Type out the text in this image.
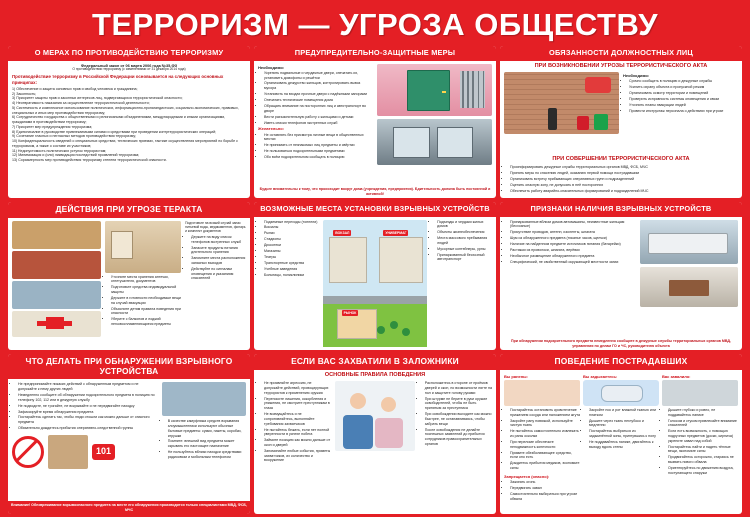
ТЕРРОРИЗМ — УГРОЗА ОБЩЕСТВУ
О МЕРАХ ПО ПРОТИВОДЕЙСТВИЮ ТЕРРОРИЗМУ
Федеральный закон от 06 марта 2006 года №35-ФЗ
О противодействии терроризму (с изменениями от 31 декабря 2014 года)
Противодействие терроризму в Российской Федерации основывается на следующих основных принципах:
1) Обеспечение и защита основных прав и свобод человека и гражданина;
2) Законность;
3) Приоритет защиты прав и законных интересов лиц, подвергающихся террористической опасности;
4) Неотвратимость наказания за осуществление террористической деятельности;
5) Системность и комплексное использование политических, информационно-пропагандистских, социально-экономических, правовых, специальных и иных мер противодействия терроризму;
6) Сотрудничество государства с общественными и религиозными объединениями, международными и иными организациями, гражданами в противодействии терроризму;
7) Приоритет мер предупреждения терроризма;
8) Единоначалие в руководстве привлекаемыми силами и средствами при проведении контртеррористических операций;
9) Сочетание гласных и негласных методов противодействия терроризму;
10) Конфиденциальность сведений о специальных средствах, технических приемах, тактике осуществления мероприятий по борьбе с терроризмом, а также о составе их участников;
11) Недопустимость политических уступок террористам;
12) Минимизация и (или) ликвидация последствий проявлений терроризма;
13) Соразмерность мер противодействия терроризму степени террористической опасности.
ПРЕДУПРЕДИТЕЛЬНО-ЗАЩИТНЫЕ МЕРЫ
Необходимо:
• Укрепить подвальные и чердачные двери, опечатать их, установить домофоны и решётки
• Организовать дежурство жильцов, контролировать вывоз мусора
• Установить на входах прочные двери с надёжными запорами
• Опечатать технические помещения дома
• Обращать внимание на посторонних лиц и автотранспорт во дворе
• Вести разъяснительную работу с жильцами и детьми
• Иметь списки телефонов экстренных служб
Желательно:
• Не оставлять без присмотра личные вещи в общественных местах
• Не принимать от незнакомых лиц предметы и свёртки
• Не пользоваться подозрительными предметами
• Обо всём подозрительном сообщать в полицию
Будьте внимательны к тому, что происходит вокруг дома (учреждения, предприятия). Бдительность должна быть постоянной и активной!
ОБЯЗАННОСТИ ДОЛЖНОСТНЫХ ЛИЦ
ПРИ ВОЗНИКНОВЕНИИ УГРОЗЫ ТЕРРОРИСТИЧЕСКОГО АКТА
Необходимо:
• Срочно сообщить в полицию и дежурные службы
• Усилить охрану объекта и пропускной режим
• Организовать осмотр территории и помещений
• Проверить исправность системы оповещения и связи
• Уточнить планы эвакуации людей
• Провести инструктаж персонала о действиях при угрозе
ПРИ СОВЕРШЕНИИ ТЕРРОРИСТИЧЕСКОГО АКТА
• Проинформировать дежурные службы территориальных органов МВД, ФСБ, МЧС
• Принять меры по спасению людей, оказанию первой помощи пострадавшим
• Организовать встречу прибывающих оперативных групп и подразделений
• Оцепить опасную зону, не допускать в неё посторонних
• Обеспечить работу аварийно-спасательных формирований и подразделений МЧС
ДЕЙСТВИЯ ПРИ УГРОЗЕ ТЕРАКТА
• Уточните места хранения аптечки, огнетушителя, документов
• Подготовьте средства индивидуальной защиты
• Держите в готовности необходимые вещи на случай эвакуации
• Объясните детям правила поведения при опасности
• Уберите с балконов и лоджий легковоспламеняющиеся предметы
Подготовьте на всякий случай запас питьевой воды, медикаментов, фонарь и комплект документов
• Держите на виду список телефонов экстренных служб
• Запасите продукты питания длительного хранения
• Запомните места расположения запасных выходов
• Действуйте по сигналам оповещения и указаниям спасателей
ВОЗМОЖНЫЕ МЕСТА УСТАНОВКИ ВЗРЫВНЫХ УСТРОЙСТВ
• Подземные переходы (тоннели)
• Вокзалы
• Рынки
• Стадионы
• Дискотеки
• Магазины
• Театры
• Транспортные средства
• Учебные заведения
• Больницы, поликлиники
ВОКЗАЛ	УНИВЕРМАГ
РЫНОК
• Подъезды и чердаки жилых домов
• Объекты жизнеобеспечения
• Места массового пребывания людей
• Мусорные контейнеры, урны
• Припаркованный бесхозный автотранспорт
ПРИЗНАКИ НАЛИЧИЯ ВЗРЫВНЫХ УСТРОЙСТВ
• Припаркованные вблизи домов автомашины, неизвестные жильцам (бесхозные)
• Присутствие проводов, антенн, изоленты, шпагата
• Шум из обнаруженного предмета (тиканье часов, щелчки)
• Наличие на найденном предмете источников питания (батарейки)
• Растяжки из проволоки, шпагата, верёвки
• Необычное размещение обнаруженного предмета
• Специфический, не свойственный окружающей местности запах
При обнаружении подозрительного предмета немедленно сообщите в дежурные службы территориальных органов МВД, управления по делам ГО и ЧС, руководителю объекта
ЧТО ДЕЛАТЬ ПРИ ОБНАРУЖЕНИИ ВЗРЫВНОГО УСТРОЙСТВА
• Не предпринимайте никаких действий с обнаруженным предметом и не допускайте к нему других людей
• Немедленно сообщите об обнаружении подозрительного предмета в полицию по телефону 102, 112 или в дежурную службу
• Не подходите, не трогайте, не вскрывайте и не передвигайте находку
• Зафиксируйте время обнаружения предмета
• Постарайтесь сделать так, чтобы люди отошли как можно дальше от опасного предмета
• Обязательно дождитесь прибытия оперативно-следственной группы
101
• В качестве камуфляжа средств взрывания злоумышленники используют обычные бытовые предметы: сумки, пакеты, коробки, игрушки
• Помните: внешний вид предмета может скрывать его настоящее назначение
• Не пользуйтесь вблизи находки средствами радиосвязи и мобильным телефоном
Внимание! Обезвреживание взрывоопасного предмета на месте его обнаружения производится только специалистами МВД, ФСБ, МЧС
ЕСЛИ ВАС ЗАХВАТИЛИ В ЗАЛОЖНИКИ
ОСНОВНЫЕ ПРАВИЛА ПОВЕДЕНИЯ
• Не проявляйте агрессию, не допускайте действий, провоцирующих террористов к применению оружия
• Переносите лишения, оскорбления и унижения, не смотрите преступникам в глаза
• Не возмущайтесь и не сопротивляйтесь, выполняйте требования захватчиков
• Не пытайтесь бежать, если нет полной уверенности в успехе побега
• Займите позицию как можно дальше от окон и дверей
• Запоминайте любые события, приметы захватчиков, их количество и вооружение
• Расположитесь в стороне от проёмов дверей и окон, по возможности лягте на пол и защитите голову руками
• При штурме не берите в руки оружие освободителей, чтобы не быть принятым за преступника
• При освобождении выходите как можно быстрее, не останавливаясь, чтобы забрать вещи
• После освобождения не делайте поспешных заявлений до прибытия сотрудников правоохранительных органов
ПОВЕДЕНИЕ ПОСТРАДАВШИХ
Вы ранены:
• Постарайтесь остановить кровотечение прижатием сосуда или наложением жгута
• Закройте рану повязкой, используйте чистую ткань
• Не пытайтесь самостоятельно извлекать из раны осколки
• При переломе обеспечьте неподвижность конечности
• Примите обезболивающее средство, если оно есть
• Дождитесь прибытия медиков, экономьте силы
Запрещается (опасно):
• Зажигать огонь
• Передвигать завал
• Самостоятельно выбираться при угрозе обвала
Вы задыхаетесь:
• Закройте нос и рот влажной тканью или платком
• Дышите через ткань неглубоко и медленно
• Постарайтесь выбраться из задымлённой зоны, пригнувшись к полу
• Не поддавайтесь панике, двигайтесь к выходу вдоль стены
Вас завалило:
• Дышите глубоко и ровно, не поддавайтесь панике
• Голосом и стуком привлекайте внимание спасателей
• Если есть возможность, с помощью подручных предметов (доски, кирпича) укрепите завал над собой
• Постарайтесь найти и надеть тёплые вещи, экономьте силы
• Продвигайтесь осторожно, стараясь не вызвать нового обвала
• Ориентируйтесь по движению воздуха, поступающего снаружи
